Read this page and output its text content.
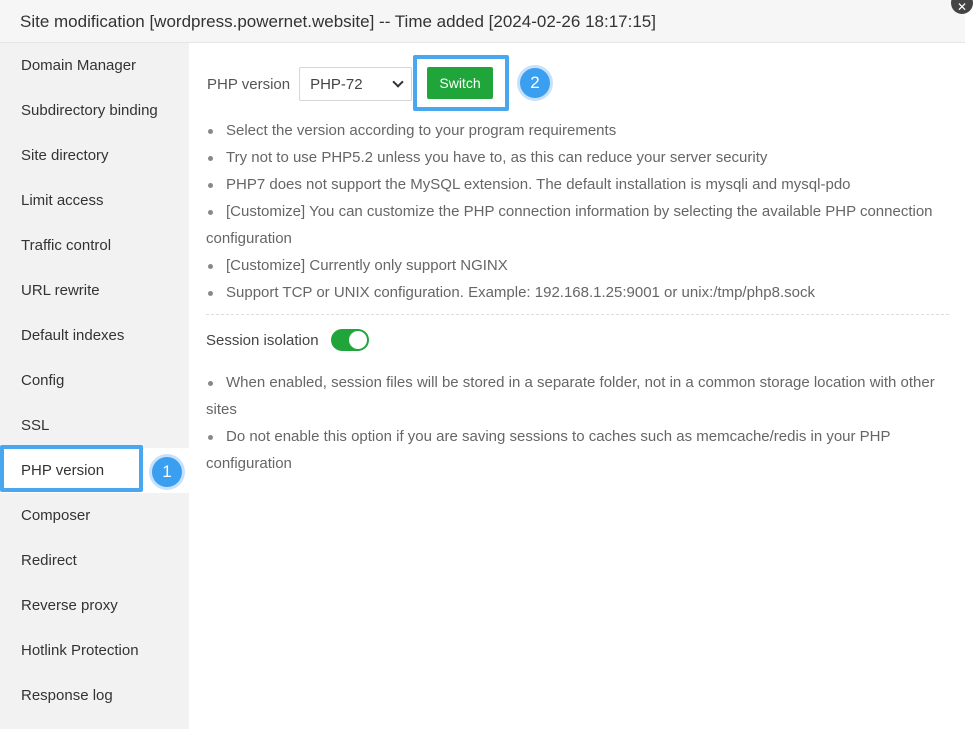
Site modification [wordpress.powernet.website] -- Time added [2024-02-26 18:17:15]
✕
Domain Manager
Subdirectory binding
Site directory
Limit access
Traffic control
URL rewrite
Default indexes
Config
SSL
PHP version
Composer
Redirect
Reverse proxy
Hotlink Protection
Response log
1
PHP version PHP-72	Switch
Select the version according to your program requirements
Try not to use PHP5.2 unless you have to, as this can reduce your server security
PHP7 does not support the MySQL extension. The default installation is mysqli and mysql-pdo
[Customize] You can customize the PHP connection information by selecting the available PHP connection
configuration
[Customize] Currently only support NGINX
Support TCP or UNIX configuration. Example: 192.168.1.25:9001 or unix:/tmp/php8.sock
Session isolation
When enabled, session files will be stored in a separate folder, not in a common storage location with other
sites
Do not enable this option if you are saving sessions to caches such as memcache/redis in your PHP
configuration
2
